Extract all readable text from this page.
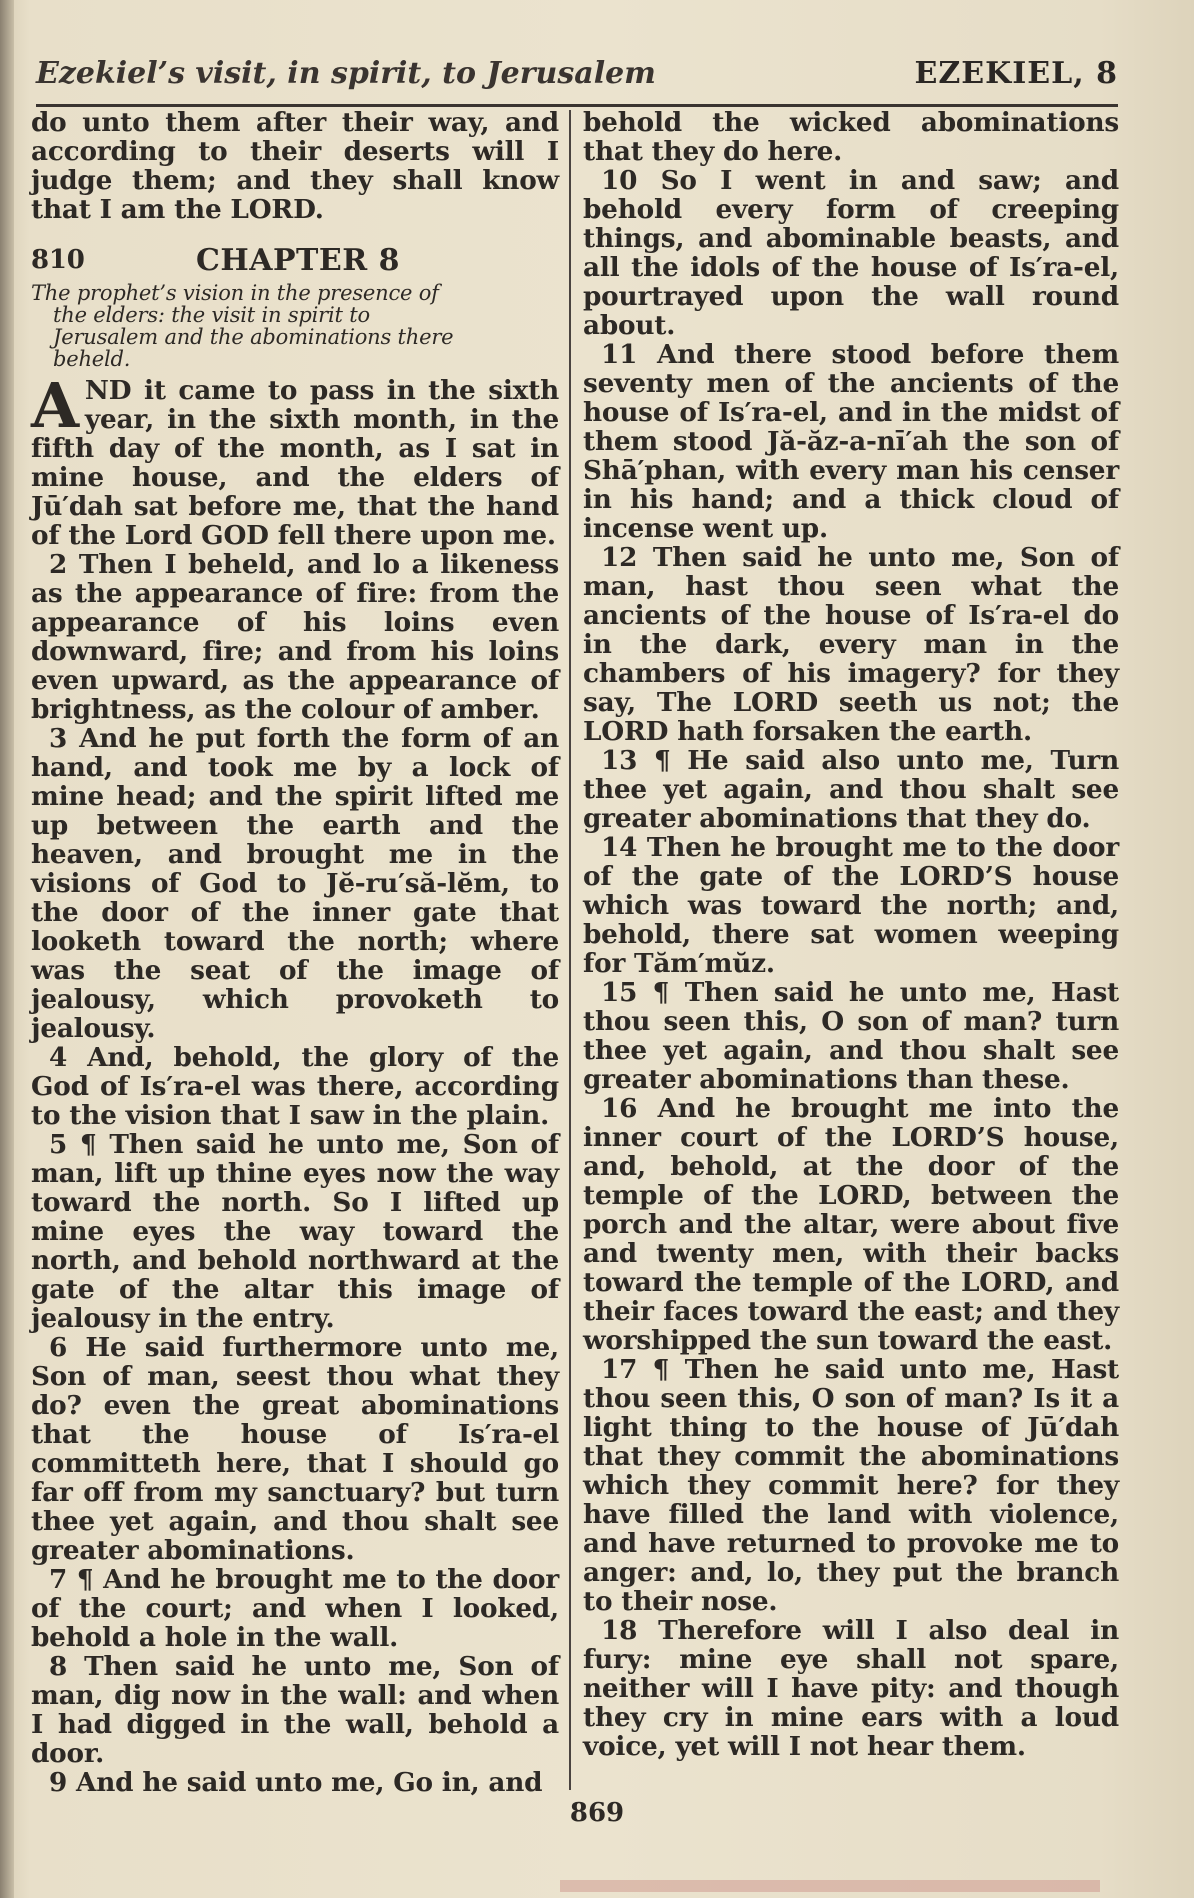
Ezekiel’s visit, in spirit, to Jerusalem	EZEKIEL, 8

do unto them after their way, and according to their deserts will I judge them; and they shall know that I am the LORD.

810	CHAPTER 8
The prophet’s vision in the presence of
the elders: the visit in spirit to
Jerusalem and the abominations there
beheld.

AND it came to pass in the sixth year, in the sixth month, in the fifth day of the month, as I sat in mine house, and the elders of Jū′dah sat before me, that the hand of the Lord GOD fell there upon me.

2 Then I beheld, and lo a likeness as the appearance of fire: from the appearance of his loins even downward, fire; and from his loins even upward, as the appearance of brightness, as the colour of amber.

3 And he put forth the form of an hand, and took me by a lock of mine head; and the spirit lifted me up between the earth and the heaven, and brought me in the visions of God to Jĕ-ru′să-lĕm, to the door of the inner gate that looketh toward the north; where was the seat of the image of jealousy, which provoketh to jealousy.

4 And, behold, the glory of the God of Is′ra-el was there, according to the vision that I saw in the plain.

5 ¶ Then said he unto me, Son of man, lift up thine eyes now the way toward the north. So I lifted up mine eyes the way toward the north, and behold northward at the gate of the altar this image of jealousy in the entry.

6 He said furthermore unto me, Son of man, seest thou what they do? even the great abominations that the house of Is′ra-el committeth here, that I should go far off from my sanctuary? but turn thee yet again, and thou shalt see greater abominations.

7 ¶ And he brought me to the door of the court; and when I looked, behold a hole in the wall.

8 Then said he unto me, Son of man, dig now in the wall: and when I had digged in the wall, behold a door.

9 And he said unto me, Go in, and

behold the wicked abominations that they do here.

10 So I went in and saw; and behold every form of creeping things, and abominable beasts, and all the idols of the house of Is′ra-el, pourtrayed upon the wall round about.

11 And there stood before them seventy men of the ancients of the house of Is′ra-el, and in the midst of them stood Jă-ăz-a-nī′ah the son of Shā′phan, with every man his censer in his hand; and a thick cloud of incense went up.

12 Then said he unto me, Son of man, hast thou seen what the ancients of the house of Is′ra-el do in the dark, every man in the chambers of his imagery? for they say, The LORD seeth us not; the LORD hath forsaken the earth.

13 ¶ He said also unto me, Turn thee yet again, and thou shalt see greater abominations that they do.

14 Then he brought me to the door of the gate of the LORD’S house which was toward the north; and, behold, there sat women weeping for Tăm′mŭz.

15 ¶ Then said he unto me, Hast thou seen this, O son of man? turn thee yet again, and thou shalt see greater abominations than these.

16 And he brought me into the inner court of the LORD’S house, and, behold, at the door of the temple of the LORD, between the porch and the altar, were about five and twenty men, with their backs toward the temple of the LORD, and their faces toward the east; and they worshipped the sun toward the east.

17 ¶ Then he said unto me, Hast thou seen this, O son of man? Is it a light thing to the house of Jū′dah that they commit the abominations which they commit here? for they have filled the land with violence, and have returned to provoke me to anger: and, lo, they put the branch to their nose.

18 Therefore will I also deal in fury: mine eye shall not spare, neither will I have pity: and though they cry in mine ears with a loud voice, yet will I not hear them.

869
